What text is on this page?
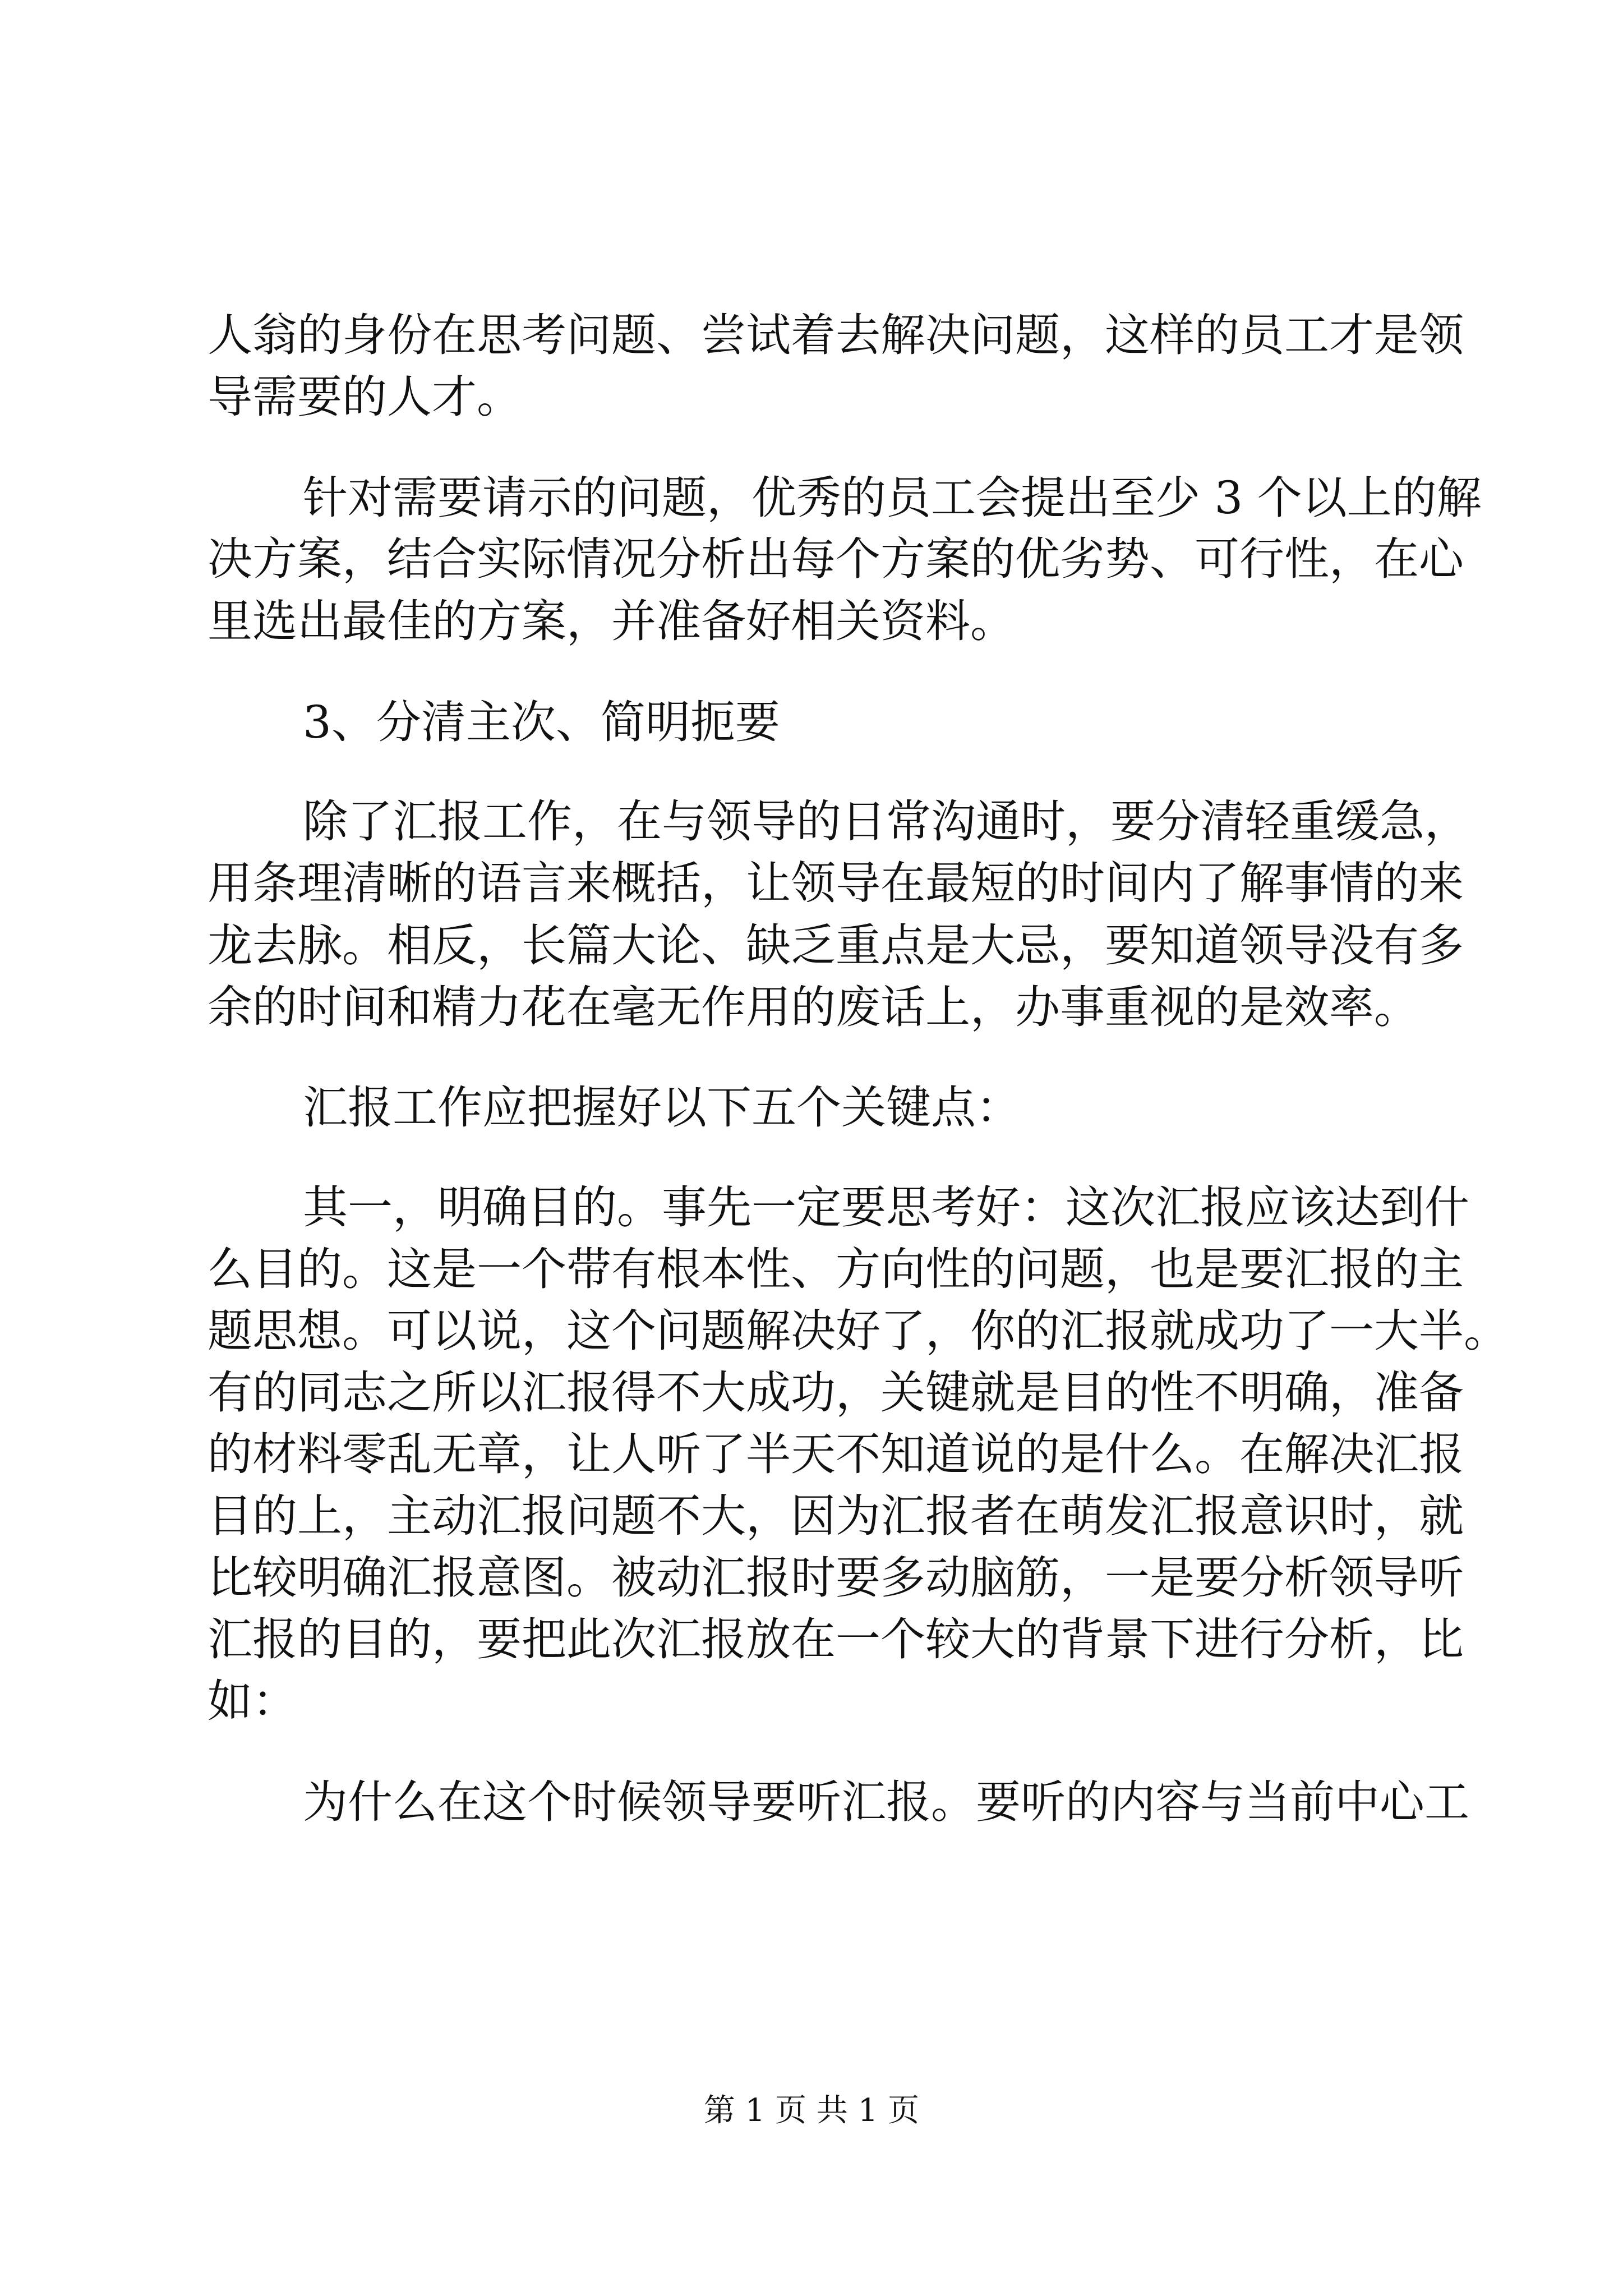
人翁的身份在思考问题、尝试着去解决问题，这样的员工才是领
导需要的人才。
针对需要请示的问题，优秀的员工会提出至少 3 个以上的解
决方案，结合实际情况分析出每个方案的优劣势、可行性，在心
里选出最佳的方案，并准备好相关资料。
3、分清主次、简明扼要
除了汇报工作，在与领导的日常沟通时，要分清轻重缓急，
用条理清晰的语言来概括，让领导在最短的时间内了解事情的来
龙去脉。相反，长篇大论、缺乏重点是大忌，要知道领导没有多
余的时间和精力花在毫无作用的废话上，办事重视的是效率。
汇报工作应把握好以下五个关键点：
其一，明确目的。事先一定要思考好：这次汇报应该达到什
么目的。这是一个带有根本性、方向性的问题，也是要汇报的主
题思想。可以说，这个问题解决好了，你的汇报就成功了一大半。
有的同志之所以汇报得不大成功，关键就是目的性不明确，准备
的材料零乱无章，让人听了半天不知道说的是什么。在解决汇报
目的上，主动汇报问题不大，因为汇报者在萌发汇报意识时，就
比较明确汇报意图。被动汇报时要多动脑筋，一是要分析领导听
汇报的目的，要把此次汇报放在一个较大的背景下进行分析，比
如：
为什么在这个时候领导要听汇报。要听的内容与当前中心工
第 1 页 共 1 页
